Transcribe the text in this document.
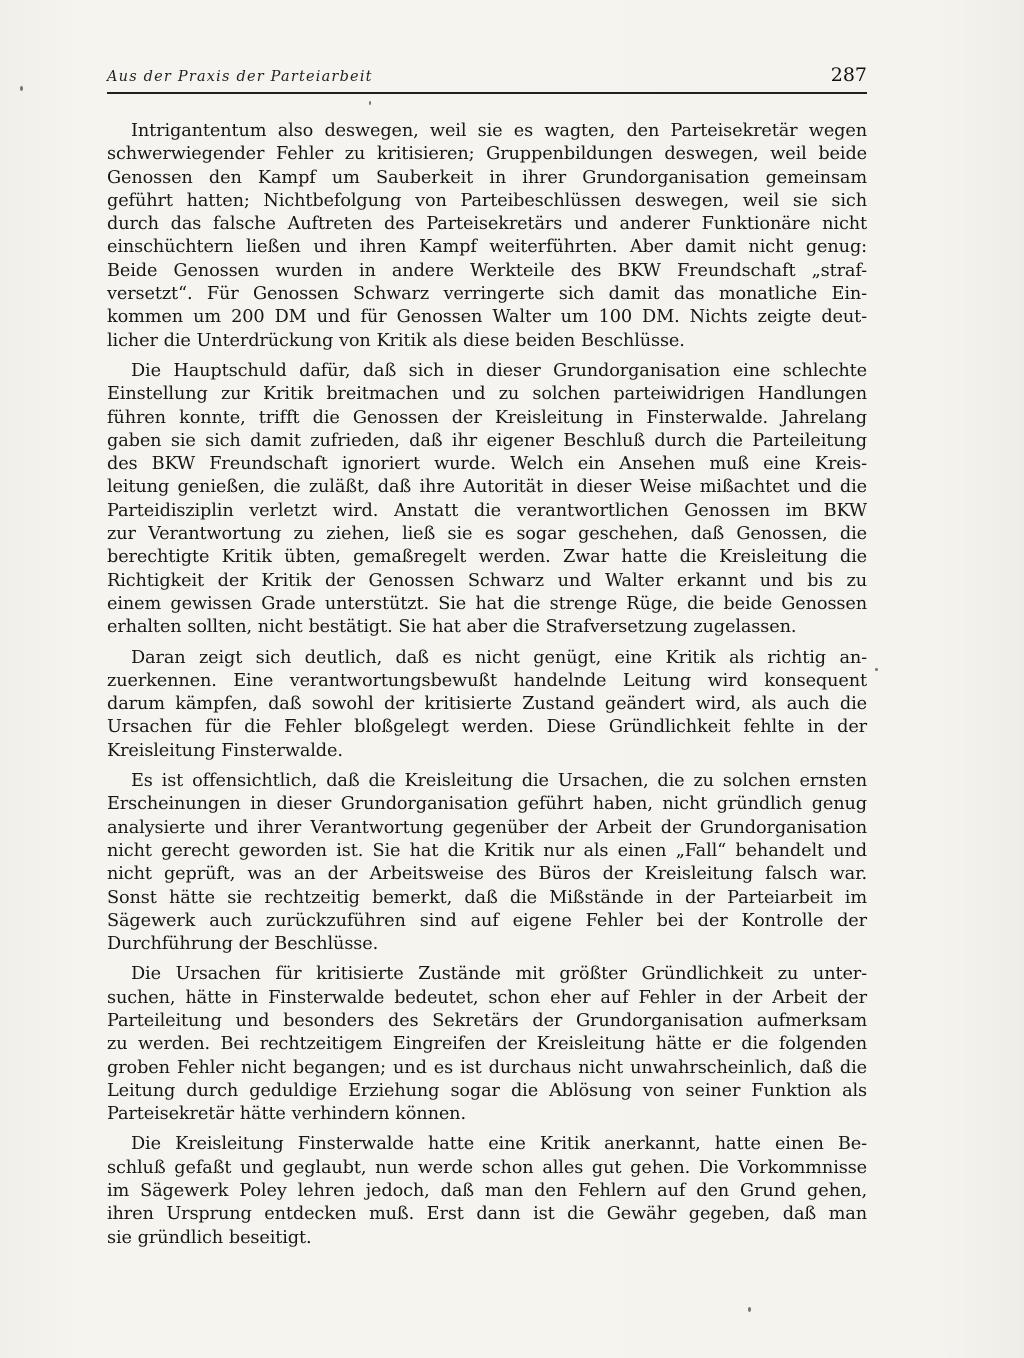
Aus der Praxis der Parteiarbeit	287
Intrigantentum also deswegen, weil sie es wagten, den Parteisekretär wegen
schwerwiegender Fehler zu kritisieren; Gruppenbildungen deswegen, weil beide
Genossen den Kampf um Sauberkeit in ihrer Grundorganisation gemeinsam
geführt hatten; Nichtbefolgung von Parteibeschlüssen deswegen, weil sie sich
durch das falsche Auftreten des Parteisekretärs und anderer Funktionäre nicht
einschüchtern ließen und ihren Kampf weiterführten. Aber damit nicht genug:
Beide Genossen wurden in andere Werkteile des BKW Freundschaft „straf-
versetzt“. Für Genossen Schwarz verringerte sich damit das monatliche Ein-
kommen um 200 DM und für Genossen Walter um 100 DM. Nichts zeigte deut-
licher die Unterdrückung von Kritik als diese beiden Beschlüsse.
Die Hauptschuld dafür, daß sich in dieser Grundorganisation eine schlechte
Einstellung zur Kritik breitmachen und zu solchen parteiwidrigen Handlungen
führen konnte, trifft die Genossen der Kreisleitung in Finsterwalde. Jahrelang
gaben sie sich damit zufrieden, daß ihr eigener Beschluß durch die Parteileitung
des BKW Freundschaft ignoriert wurde. Welch ein Ansehen muß eine Kreis-
leitung genießen, die zuläßt, daß ihre Autorität in dieser Weise mißachtet und die
Parteidisziplin verletzt wird. Anstatt die verantwortlichen Genossen im BKW
zur Verantwortung zu ziehen, ließ sie es sogar geschehen, daß Genossen, die
berechtigte Kritik übten, gemaßregelt werden. Zwar hatte die Kreisleitung die
Richtigkeit der Kritik der Genossen Schwarz und Walter erkannt und bis zu
einem gewissen Grade unterstützt. Sie hat die strenge Rüge, die beide Genossen
erhalten sollten, nicht bestätigt. Sie hat aber die Strafversetzung zugelassen.
Daran zeigt sich deutlich, daß es nicht genügt, eine Kritik als richtig an-
zuerkennen. Eine verantwortungsbewußt handelnde Leitung wird konsequent
darum kämpfen, daß sowohl der kritisierte Zustand geändert wird, als auch die
Ursachen für die Fehler bloßgelegt werden. Diese Gründlichkeit fehlte in der
Kreisleitung Finsterwalde.
Es ist offensichtlich, daß die Kreisleitung die Ursachen, die zu solchen ernsten
Erscheinungen in dieser Grundorganisation geführt haben, nicht gründlich genug
analysierte und ihrer Verantwortung gegenüber der Arbeit der Grundorganisation
nicht gerecht geworden ist. Sie hat die Kritik nur als einen „Fall“ behandelt und
nicht geprüft, was an der Arbeitsweise des Büros der Kreisleitung falsch war.
Sonst hätte sie rechtzeitig bemerkt, daß die Mißstände in der Parteiarbeit im
Sägewerk auch zurückzuführen sind auf eigene Fehler bei der Kontrolle der
Durchführung der Beschlüsse.
Die Ursachen für kritisierte Zustände mit größter Gründlichkeit zu unter-
suchen, hätte in Finsterwalde bedeutet, schon eher auf Fehler in der Arbeit der
Parteileitung und besonders des Sekretärs der Grundorganisation aufmerksam
zu werden. Bei rechtzeitigem Eingreifen der Kreisleitung hätte er die folgenden
groben Fehler nicht begangen; und es ist durchaus nicht unwahrscheinlich, daß die
Leitung durch geduldige Erziehung sogar die Ablösung von seiner Funktion als
Parteisekretär hätte verhindern können.
Die Kreisleitung Finsterwalde hatte eine Kritik anerkannt, hatte einen Be-
schluß gefaßt und geglaubt, nun werde schon alles gut gehen. Die Vorkommnisse
im Sägewerk Poley lehren jedoch, daß man den Fehlern auf den Grund gehen,
ihren Ursprung entdecken muß. Erst dann ist die Gewähr gegeben, daß man
sie gründlich beseitigt.
